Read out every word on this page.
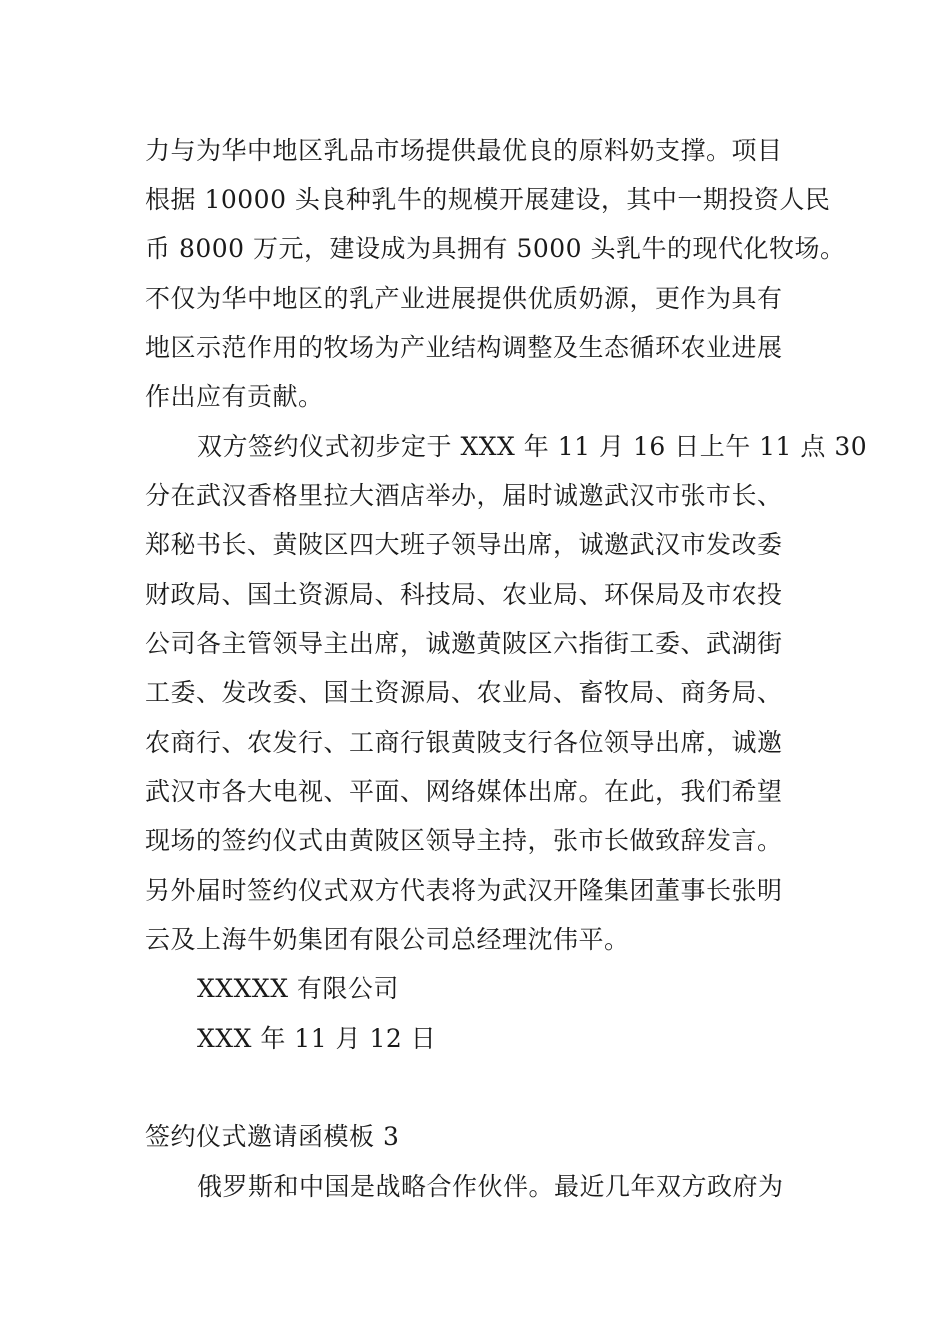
力与为华中地区乳品市场提供最优良的原料奶支撑。项目
根据 10000 头良种乳牛的规模开展建设，其中一期投资人民
币 8000 万元，建设成为具拥有 5000 头乳牛的现代化牧场。
不仅为华中地区的乳产业进展提供优质奶源，更作为具有
地区示范作用的牧场为产业结构调整及生态循环农业进展
作出应有贡献。
双方签约仪式初步定于 XXX 年 11 月 16 日上午 11 点 30
分在武汉香格里拉大酒店举办，届时诚邀武汉市张市长、
郑秘书长、黄陂区四大班子领导出席，诚邀武汉市发改委
财政局、国土资源局、科技局、农业局、环保局及市农投
公司各主管领导主出席，诚邀黄陂区六指街工委、武湖街
工委、发改委、国土资源局、农业局、畜牧局、商务局、
农商行、农发行、工商行银黄陂支行各位领导出席，诚邀
武汉市各大电视、平面、网络媒体出席。在此，我们希望
现场的签约仪式由黄陂区领导主持，张市长做致辞发言。
另外届时签约仪式双方代表将为武汉开隆集团董事长张明
云及上海牛奶集团有限公司总经理沈伟平。
XXXXX 有限公司
XXX 年 11 月 12 日
签约仪式邀请函模板 3
俄罗斯和中国是战略合作伙伴。最近几年双方政府为
